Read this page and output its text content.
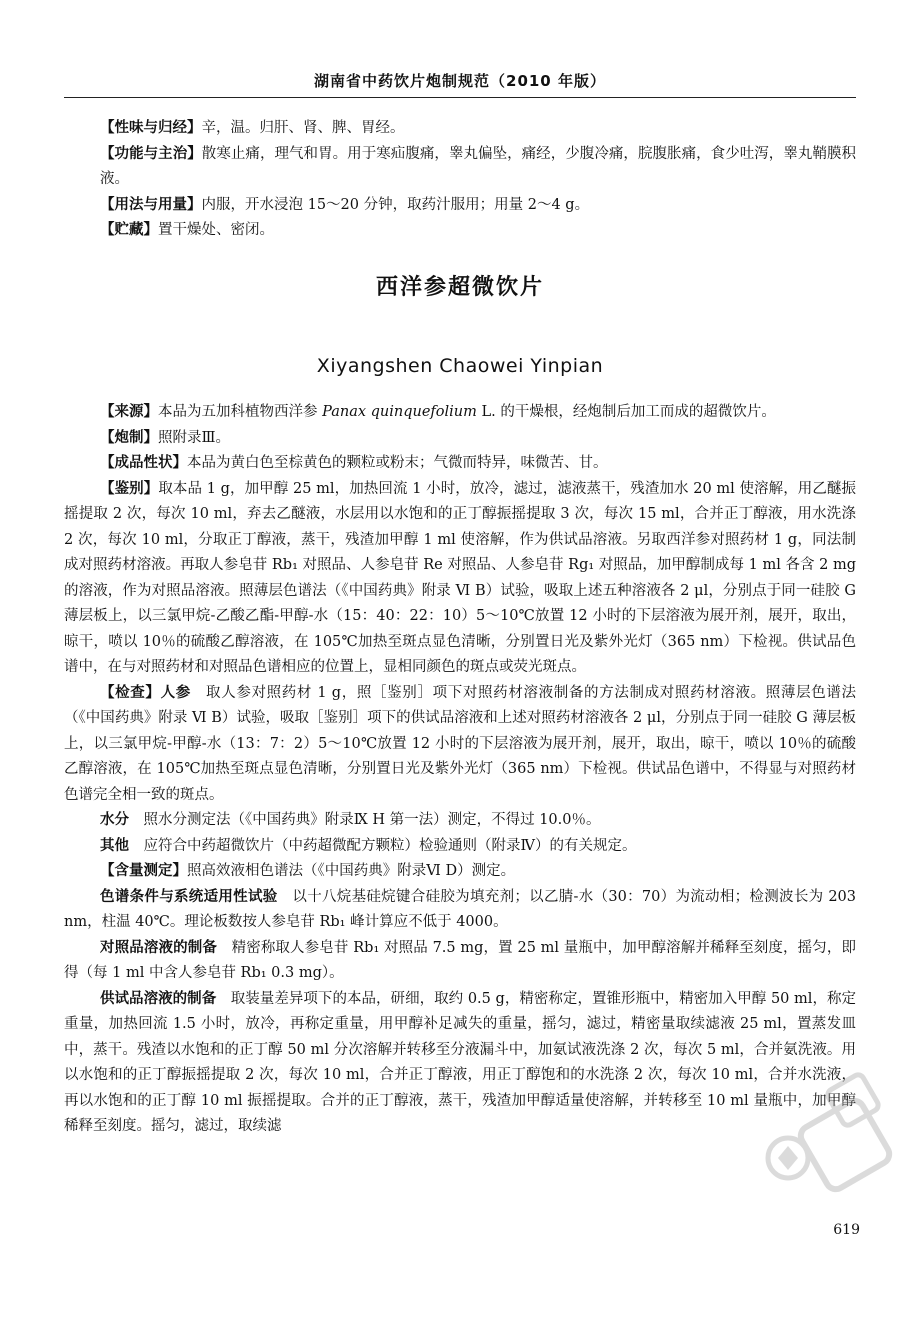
湖南省中药饮片炮制规范（2010 年版）

【性味与归经】辛，温。归肝、肾、脾、胃经。

【功能与主治】散寒止痛，理气和胃。用于寒疝腹痛，睾丸偏坠，痛经，少腹冷痛，脘腹胀痛，食少吐泻，睾丸鞘膜积液。

【用法与用量】内服，开水浸泡 15～20 分钟，取药汁服用；用量 2～4 g。

【贮藏】置干燥处、密闭。

西洋参超微饮片
Xiyangshen Chaowei Yinpian

【来源】本品为五加科植物西洋参 Panax quinquefolium L. 的干燥根，经炮制后加工而成的超微饮片。

【炮制】照附录Ⅲ。

【成品性状】本品为黄白色至棕黄色的颗粒或粉末；气微而特异，味微苦、甘。

【鉴别】取本品 1 g，加甲醇 25 ml，加热回流 1 小时，放冷，滤过，滤液蒸干，残渣加水 20 ml 使溶解，用乙醚振摇提取 2 次，每次 10 ml，弃去乙醚液，水层用以水饱和的正丁醇振摇提取 3 次，每次 15 ml，合并正丁醇液，用水洗涤 2 次，每次 10 ml，分取正丁醇液，蒸干，残渣加甲醇 1 ml 使溶解，作为供试品溶液。另取西洋参对照药材 1 g，同法制成对照药材溶液。再取人参皂苷 Rb₁ 对照品、人参皂苷 Re 对照品、人参皂苷 Rg₁ 对照品，加甲醇制成每 1 ml 各含 2 mg 的溶液，作为对照品溶液。照薄层色谱法（《中国药典》附录 Ⅵ B）试验，吸取上述五种溶液各 2 μl，分别点于同一硅胶 G 薄层板上，以三氯甲烷-乙酸乙酯-甲醇-水（15：40：22：10）5～10℃放置 12 小时的下层溶液为展开剂，展开，取出，晾干，喷以 10％的硫酸乙醇溶液，在 105℃加热至斑点显色清晰，分别置日光及紫外光灯（365 nm）下检视。供试品色谱中，在与对照药材和对照品色谱相应的位置上，显相同颜色的斑点或荧光斑点。

【检查】人参　 取人参对照药材 1 g，照［鉴别］项下对照药材溶液制备的方法制成对照药材溶液。照薄层色谱法（《中国药典》附录 Ⅵ B）试验，吸取［鉴别］项下的供试品溶液和上述对照药材溶液各 2 μl，分别点于同一硅胶 G 薄层板上，以三氯甲烷-甲醇-水（13：7：2）5～10℃放置 12 小时的下层溶液为展开剂，展开，取出，晾干，喷以 10％的硫酸乙醇溶液，在 105℃加热至斑点显色清晰，分别置日光及紫外光灯（365 nm）下检视。供试品色谱中，不得显与对照药材色谱完全相一致的斑点。

水分　 照水分测定法（《中国药典》附录Ⅸ H 第一法）测定，不得过 10.0％。

其他　 应符合中药超微饮片（中药超微配方颗粒）检验通则（附录Ⅳ）的有关规定。

【含量测定】照高效液相色谱法（《中国药典》附录Ⅵ D）测定。

色谱条件与系统适用性试验　 以十八烷基硅烷键合硅胶为填充剂；以乙腈-水（30：70）为流动相；检测波长为 203 nm，柱温 40℃。理论板数按人参皂苷 Rb₁ 峰计算应不低于 4000。

对照品溶液的制备　 精密称取人参皂苷 Rb₁ 对照品 7.5 mg，置 25 ml 量瓶中，加甲醇溶解并稀释至刻度，摇匀，即得（每 1 ml 中含人参皂苷 Rb₁ 0.3 mg）。

供试品溶液的制备　 取装量差异项下的本品，研细，取约 0.5 g，精密称定，置锥形瓶中，精密加入甲醇 50 ml，称定重量，加热回流 1.5 小时，放冷，再称定重量，用甲醇补足减失的重量，摇匀，滤过，精密量取续滤液 25 ml，置蒸发皿中，蒸干。残渣以水饱和的正丁醇 50 ml 分次溶解并转移至分液漏斗中，加氨试液洗涤 2 次，每次 5 ml，合并氨洗液。用以水饱和的正丁醇振摇提取 2 次，每次 10 ml，合并正丁醇液，用正丁醇饱和的水洗涤 2 次，每次 10 ml，合并水洗液，再以水饱和的正丁醇 10 ml 振摇提取。合并的正丁醇液，蒸干，残渣加甲醇适量使溶解，并转移至 10 ml 量瓶中，加甲醇稀释至刻度。摇匀，滤过，取续滤

619
